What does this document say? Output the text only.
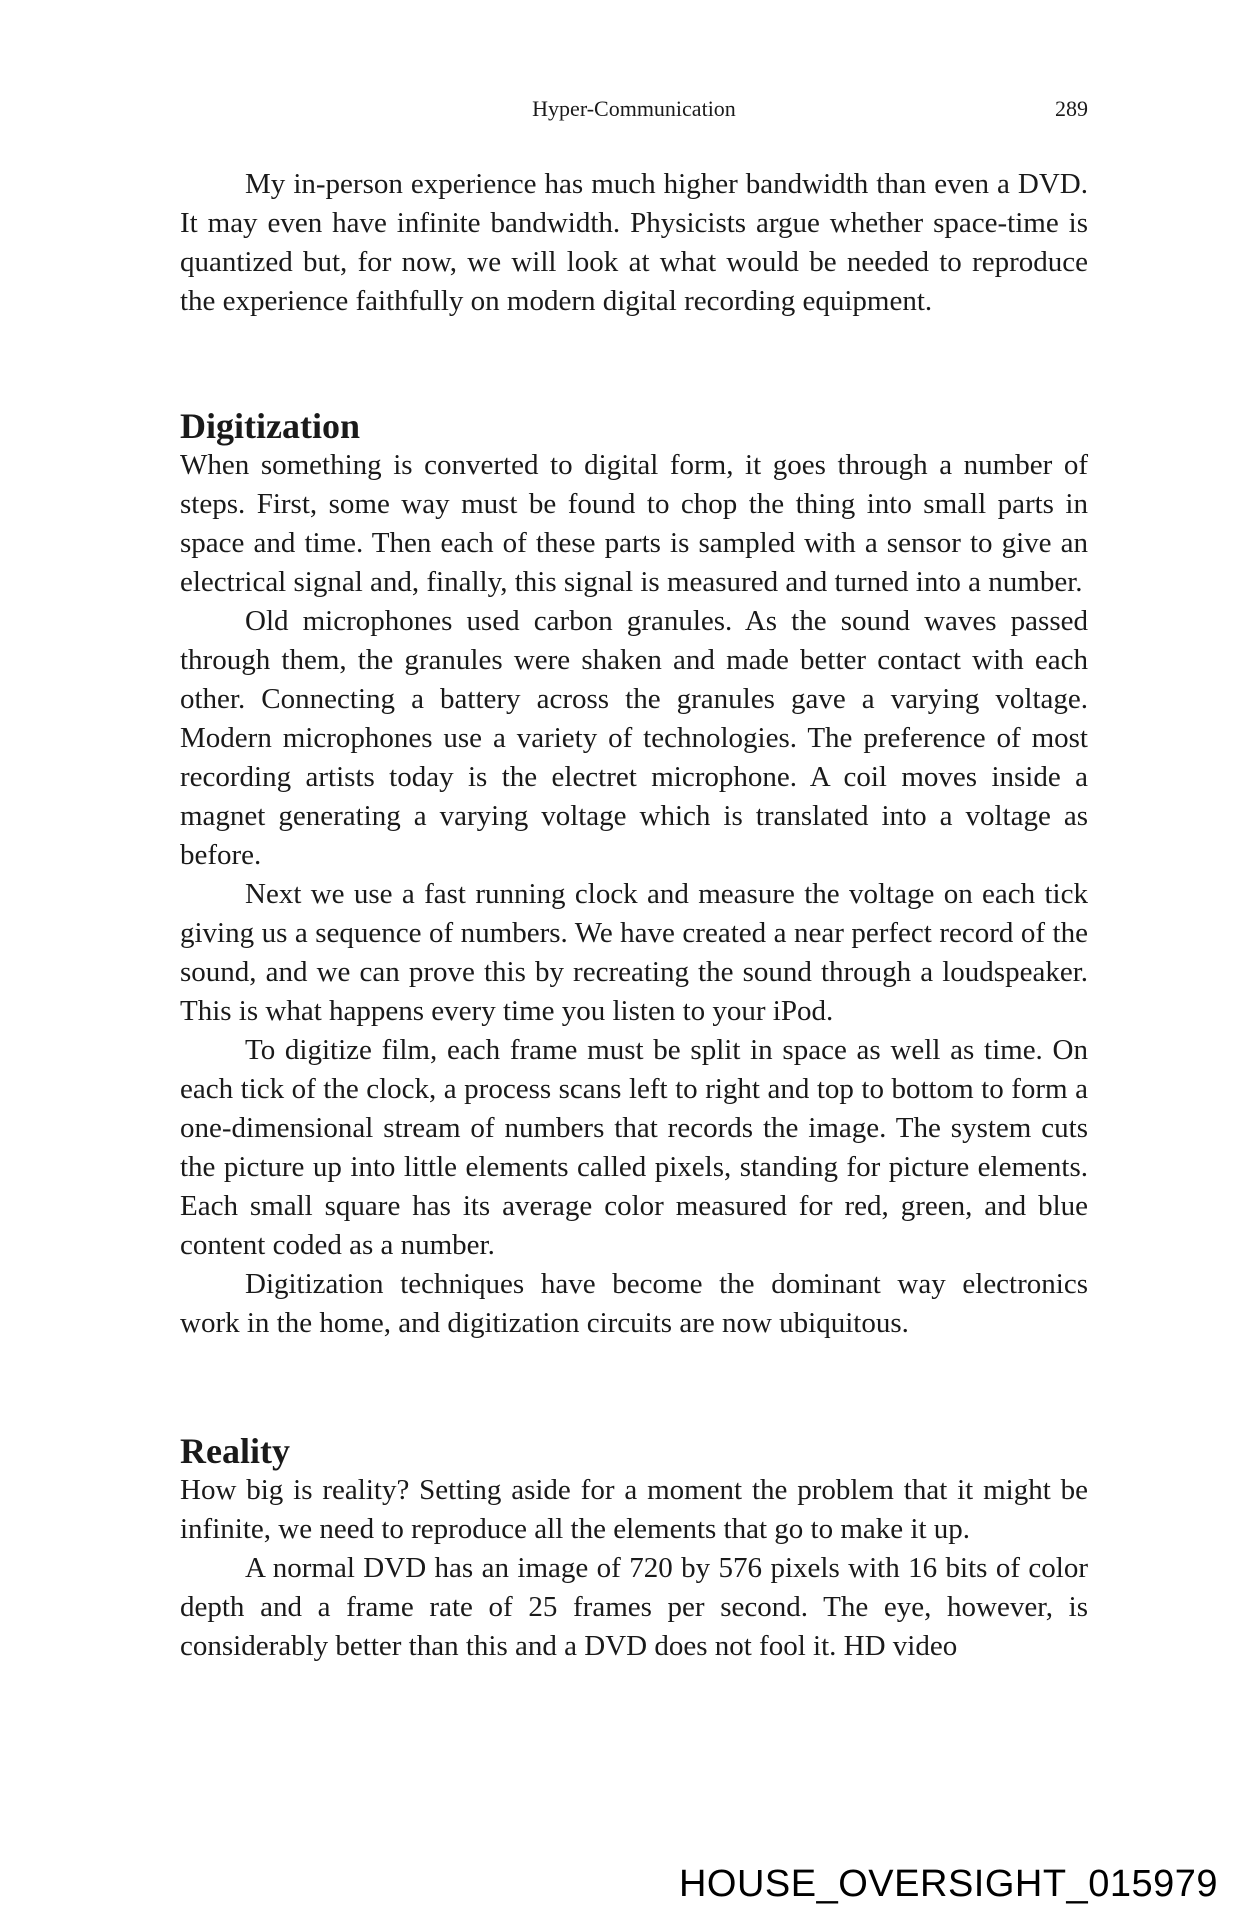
Hyper-Communication	289

My in-person experience has much higher bandwidth than even a DVD. It may even have infinite bandwidth. Physicists argue whether space-time is quantized but, for now, we will look at what would be needed to reproduce the experience faithfully on modern digital recording equipment.

Digitization

When something is converted to digital form, it goes through a number of steps. First, some way must be found to chop the thing into small parts in space and time. Then each of these parts is sampled with a sensor to give an electrical signal and, finally, this signal is measured and turned into a number.

Old microphones used carbon granules. As the sound waves passed through them, the granules were shaken and made better contact with each other. Connecting a battery across the granules gave a varying voltage. Modern microphones use a variety of technologies. The preference of most recording artists today is the electret microphone. A coil moves inside a magnet generating a varying voltage which is translated into a voltage as before.

Next we use a fast running clock and measure the voltage on each tick giving us a sequence of numbers. We have created a near perfect record of the sound, and we can prove this by recreating the sound through a loudspeaker. This is what happens every time you listen to your iPod.

To digitize film, each frame must be split in space as well as time. On each tick of the clock, a process scans left to right and top to bottom to form a one-dimensional stream of numbers that records the image. The system cuts the picture up into little elements called pixels, standing for picture elements. Each small square has its average color measured for red, green, and blue content coded as a number.

Digitization techniques have become the dominant way electronics work in the home, and digitization circuits are now ubiquitous.

Reality

How big is reality? Setting aside for a moment the problem that it might be infinite, we need to reproduce all the elements that go to make it up.

A normal DVD has an image of 720 by 576 pixels with 16 bits of color depth and a frame rate of 25 frames per second. The eye, however, is considerably better than this and a DVD does not fool it. HD video

HOUSE_OVERSIGHT_015979
